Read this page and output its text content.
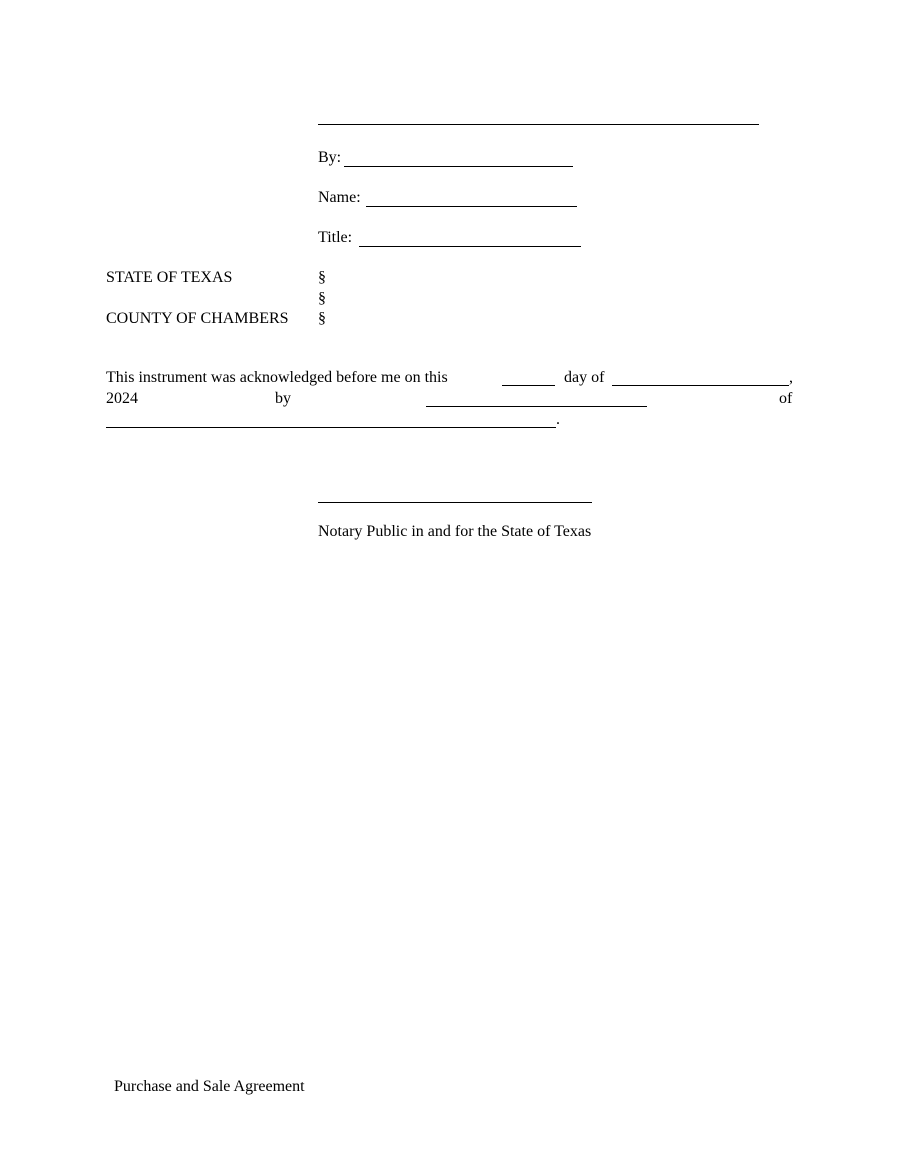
By:
Name:
Title:
STATE OF TEXAS	§
§
COUNTY OF CHAMBERS §
This instrument was acknowledged before me on this	day of	,
2024	by	of
.
Notary Public in and for the State of Texas
Purchase and Sale Agreement
